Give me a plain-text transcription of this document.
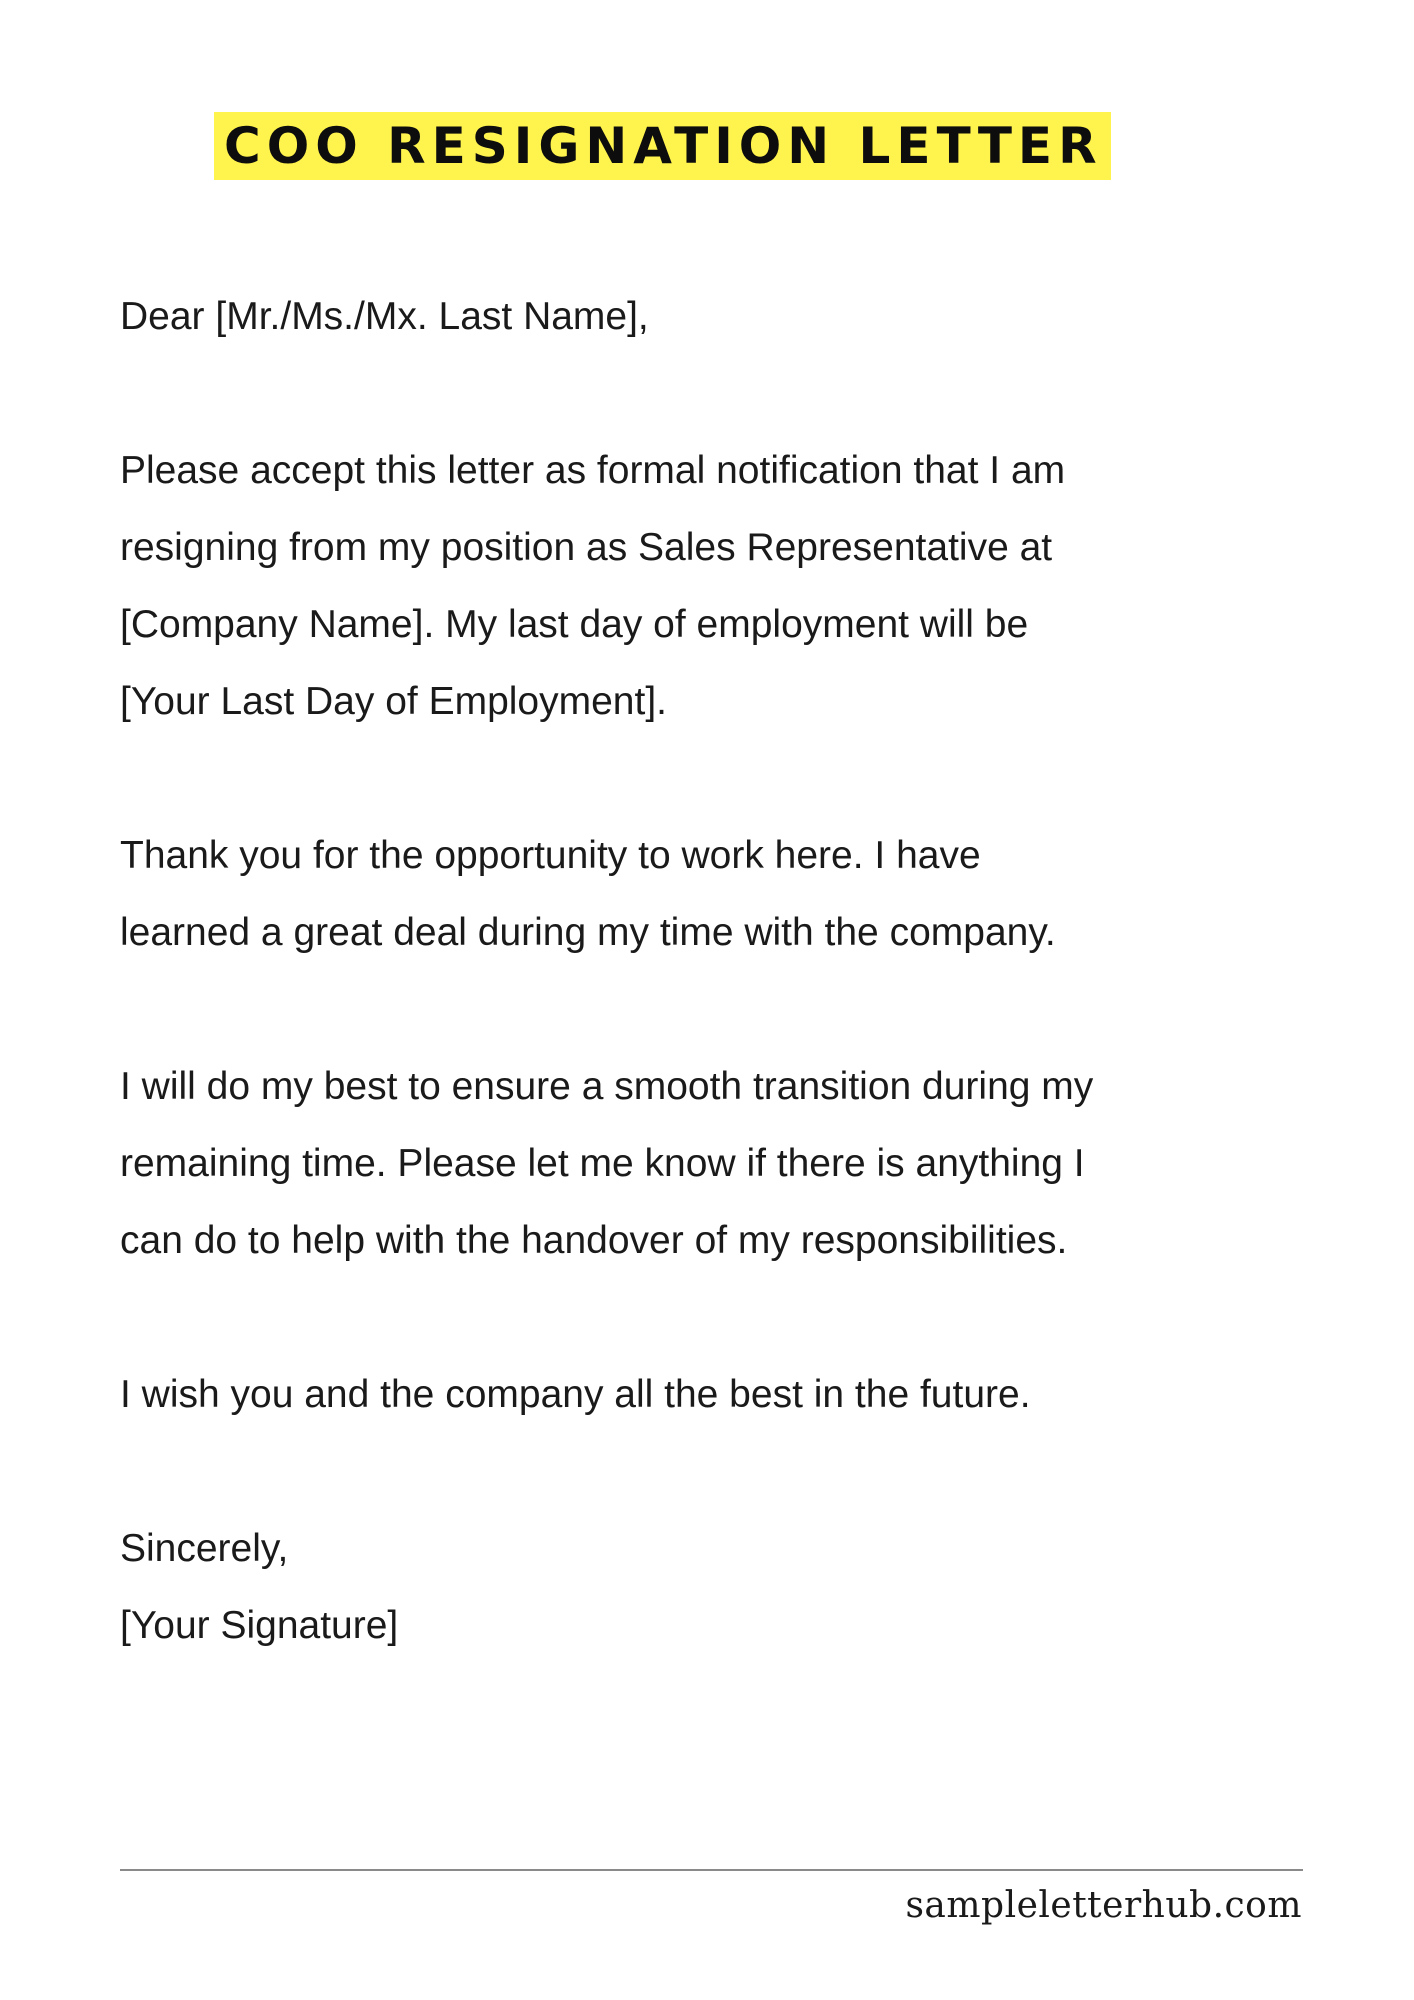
COO RESIGNATION LETTER

Dear [Mr./Ms./Mx. Last Name],

Please accept this letter as formal notification that I am

resigning from my position as Sales Representative at

[Company Name]. My last day of employment will be

[Your Last Day of Employment].

Thank you for the opportunity to work here. I have

learned a great deal during my time with the company.

I will do my best to ensure a smooth transition during my

remaining time. Please let me know if there is anything I

can do to help with the handover of my responsibilities.

I wish you and the company all the best in the future.

Sincerely,

[Your Signature]

sampleletterhub.com
